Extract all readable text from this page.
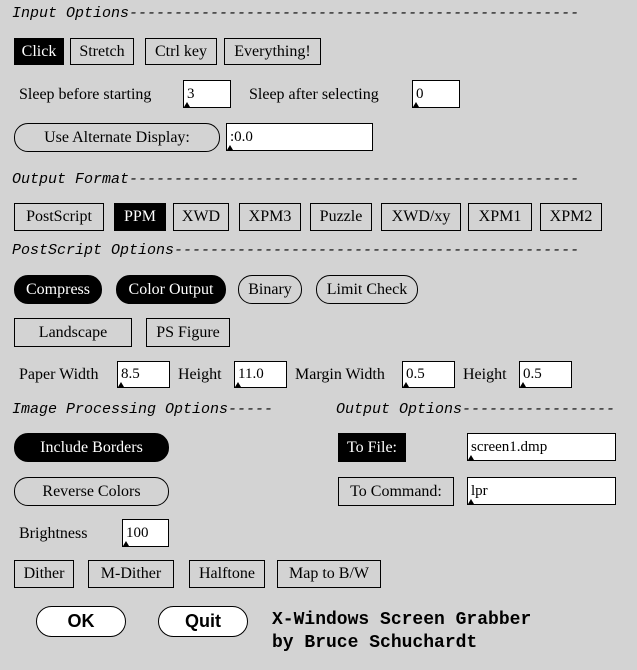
Input Options--------------------------------------------------
Click	Stretch	Ctrl key	Everything!
Sleep before starting 3	Sleep after selecting 0
Use Alternate Display:	:0.0
Output Format--------------------------------------------------
PostScript	PPM	XWD	XPM3	Puzzle	XWD/xy	XPM1	XPM2
PostScript Options---------------------------------------------
Compress	Color Output	Binary	Limit Check
Landscape	PS Figure
Paper Width 8.5 Height 11.0 Margin Width 0.5 Height 0.5
Image Processing Options-----	Output Options-----------------
Include Borders
Reverse Colors
Brightness	100
Dither	M-Dither	Halftone	Map to B/W
To File:	screen1.dmp
To Command:	lpr
OK	Quit	X-Windows Screen Grabber
by Bruce Schuchardt
